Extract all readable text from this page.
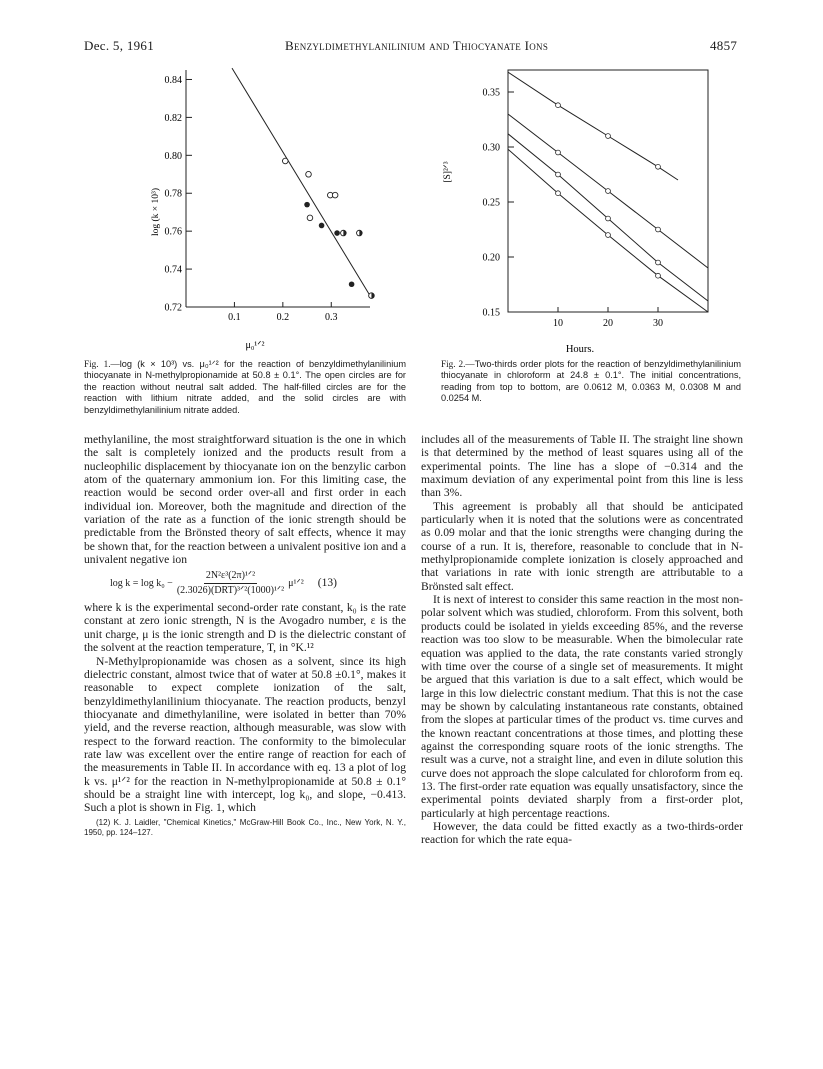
Dec. 5, 1961	Benzyldimethylanilinium and Thiocyanate Ions	4857
0.84
0.82
0.80
0.78
0.76
0.74
0.72
0.1	0.2	0.3
log (k × 10³)
μ₀¹ᐟ²
Fig. 1.—log (k × 10³) vs. μ₀¹ᐟ² for the reaction of benzyldimethylanilinium thiocyanate in N-methylpropionamide at 50.8 ± 0.1°. The open circles are for the reaction without neutral salt added. The half-filled circles are for the reaction with lithium nitrate added, and the solid circles are with benzyldimethylanilinium nitrate added.
0.35
0.30
0.25
0.20
0.15
10	20	30
[S]²ᐟ³
Hours.
Fig. 2.—Two-thirds order plots for the reaction of benzyldimethylanilinium thiocyanate in chloroform at 24.8 ± 0.1°. The initial concentrations, reading from top to bottom, are 0.0612 M, 0.0363 M, 0.0308 M and 0.0254 M.

methylaniline, the most straightforward situation is the one in which the salt is completely ionized and the products result from a nucleophilic displacement by thiocyanate ion on the benzylic carbon atom of the quaternary ammonium ion. For this limiting case, the reaction would be second order over-all and first order in each individual ion. Moreover, both the magnitude and direction of the variation of the rate as a function of the ionic strength should be predictable from the Brönsted theory of salt effects, whence it may be shown that, for the reaction between a univalent positive ion and a univalent negative ion

$\log k = \log k_0 - \frac{\text{2N²ε³(2π)¹ᐟ²}}{\text{(2.3026)(DRT)³ᐟ²(1000)¹ᐟ²}}$ μ¹ᐟ² (13)

where k is the experimental second-order rate constant, k₀ is the rate constant at zero ionic strength, N is the Avogadro number, ε is the unit charge, μ is the ionic strength and D is the dielectric constant of the solvent at the reaction temperature, T, in °K.¹²

N-Methylpropionamide was chosen as a solvent, since its high dielectric constant, almost twice that of water at 50.8 ±0.1°, makes it reasonable to expect complete ionization of the salt, benzyldimethylanilinium thiocyanate. The reaction products, benzyl thiocyanate and dimethylaniline, were isolated in better than 70% yield, and the reverse reaction, although measurable, was slow with respect to the forward reaction. The conformity to the bimolecular rate law was excellent over the entire range of reaction for each of the measurements in Table II. In accordance with eq. 13 a plot of log k vs. μ¹ᐟ² for the reaction in N-methylpropionamide at 50.8 ± 0.1° should be a straight line with intercept, log k₀, and slope, −0.413. Such a plot is shown in Fig. 1, which

(12) K. J. Laidler, "Chemical Kinetics," McGraw-Hill Book Co., Inc., New York, N. Y., 1950, pp. 124–127.

includes all of the measurements of Table II. The straight line shown is that determined by the method of least squares using all of the experimental points. The line has a slope of −0.314 and the maximum deviation of any experimental point from this line is less than 3%.

This agreement is probably all that should be anticipated particularly when it is noted that the solutions were as concentrated as 0.09 molar and that the ionic strengths were changing during the course of a run. It is, therefore, reasonable to conclude that in N-methylpropionamide complete ionization is closely approached and that variations in rate with ionic strength are attributable to a Brönsted salt effect.

It is next of interest to consider this same reaction in the most non-polar solvent which was studied, chloroform. From this solvent, both products could be isolated in yields exceeding 85%, and the reverse reaction was too slow to be measurable. When the bimolecular rate equation was applied to the data, the rate constants varied strongly with time over the course of a single set of measurements. It might be argued that this variation is due to a salt effect, which would be large in this low dielectric constant medium. That this is not the case may be shown by calculating instantaneous rate constants, obtained from the slopes at particular times of the product vs. time curves and the known reactant concentrations at those times, and plotting these against the corresponding square roots of the ionic strengths. The result was a curve, not a straight line, and even in dilute solution this curve does not approach the slope calculated for chloroform from eq. 13. The first-order rate equation was equally unsatisfactory, since the experimental points deviated sharply from a first-order plot, particularly at high percentage reactions.

However, the data could be fitted exactly as a two-thirds-order reaction for which the rate equa-
